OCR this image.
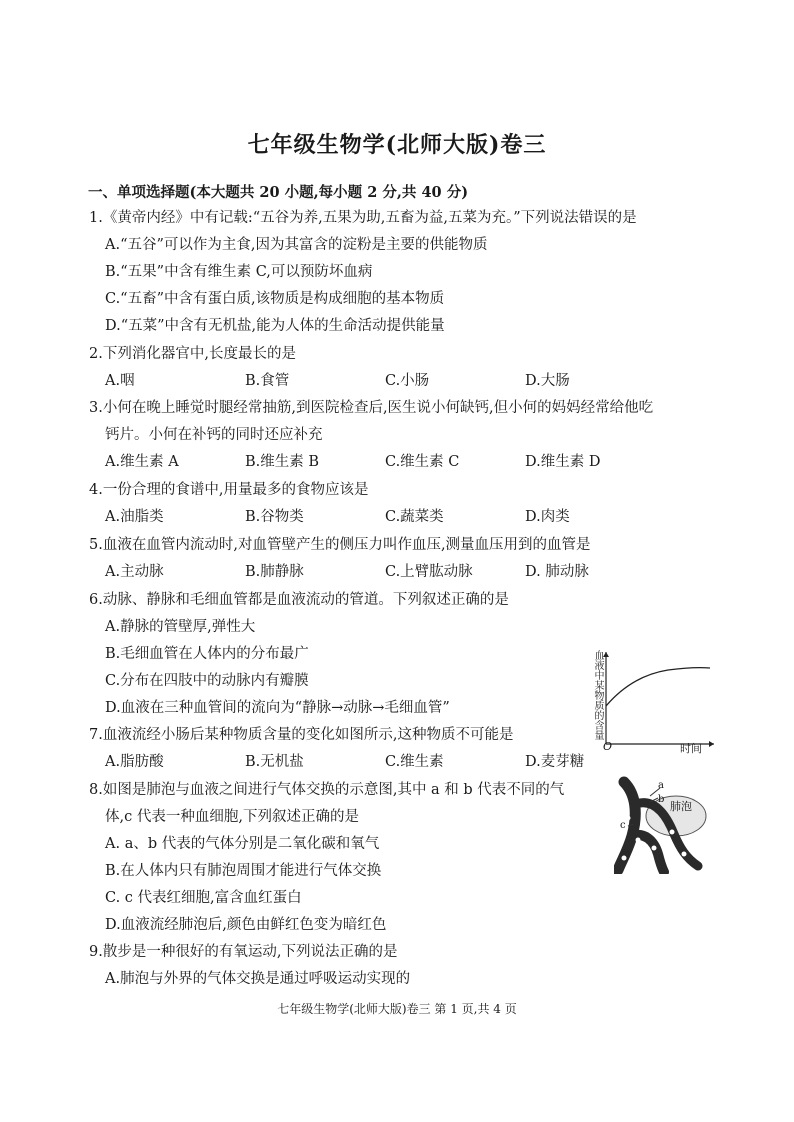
七年级生物学(北师大版)卷三
一、单项选择题(本大题共 20 小题,每小题 2 分,共 40 分)
1.《黄帝内经》中有记载:“五谷为养,五果为助,五畜为益,五菜为充。”下列说法错误的是
A.“五谷”可以作为主食,因为其富含的淀粉是主要的供能物质
B.“五果”中含有维生素 C,可以预防坏血病
C.“五畜”中含有蛋白质,该物质是构成细胞的基本物质
D.“五菜”中含有无机盐,能为人体的生命活动提供能量
2.下列消化器官中,长度最长的是
A.咽	B.食管	C.小肠	D.大肠
3.小何在晚上睡觉时腿经常抽筋,到医院检查后,医生说小何缺钙,但小何的妈妈经常给他吃
钙片。小何在补钙的同时还应补充
A.维生素 A	B.维生素 B	C.维生素 C	D.维生素 D
4.一份合理的食谱中,用量最多的食物应该是
A.油脂类	B.谷物类	C.蔬菜类	D.肉类
5.血液在血管内流动时,对血管壁产生的侧压力叫作血压,测量血压用到的血管是
A.主动脉	B.肺静脉	C.上臂肱动脉	D. 肺动脉
6.动脉、静脉和毛细血管都是血液流动的管道。下列叙述正确的是
A.静脉的管壁厚,弹性大
B.毛细血管在人体内的分布最广
C.分布在四肢中的动脉内有瓣膜
D.血液在三种血管间的流向为“静脉→动脉→毛细血管”
7.血液流经小肠后某种物质含量的变化如图所示,这种物质不可能是
A.脂肪酸	B.无机盐	C.维生素	D.麦芽糖
8.如图是肺泡与血液之间进行气体交换的示意图,其中 a 和 b 代表不同的气
体,c 代表一种血细胞,下列叙述正确的是
A. a、b 代表的气体分别是二氧化碳和氧气
B.在人体内只有肺泡周围才能进行气体交换
C. c 代表红细胞,富含血红蛋白
D.血液流经肺泡后,颜色由鲜红色变为暗红色
9.散步是一种很好的有氧运动,下列说法正确的是
A.肺泡与外界的气体交换是通过呼吸运动实现的
血液中某物质的含量
O	时间
a
b
c
肺泡
七年级生物学(北师大版)卷三 第 1 页,共 4 页
